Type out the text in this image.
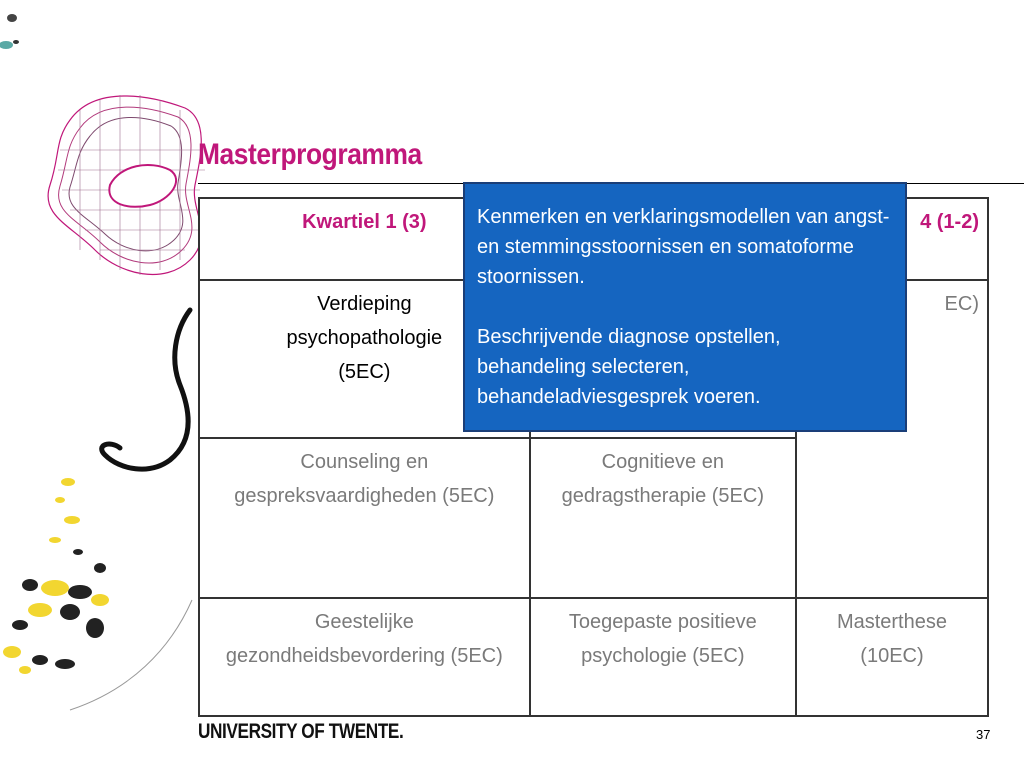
Masterprogramma
Kwartiel 1 (3)		4 (1-2)
Verdieping psychopathologie (5EC)		EC)
Counseling en gespreksvaardigheden (5EC)	Cognitieve en gedragstherapie (5EC)	
Geestelijke gezondheidsbevordering (5EC)	Toegepaste positieve psychologie (5EC)	Masterthese (10EC)

Kenmerken en verklaringsmodellen van angst- en stemmingsstoornissen en somatoforme stoornissen.

Beschrijvende diagnose opstellen, behandeling selecteren, behandeladviesgesprek voeren.

UNIVERSITY OF TWENTE.	37
